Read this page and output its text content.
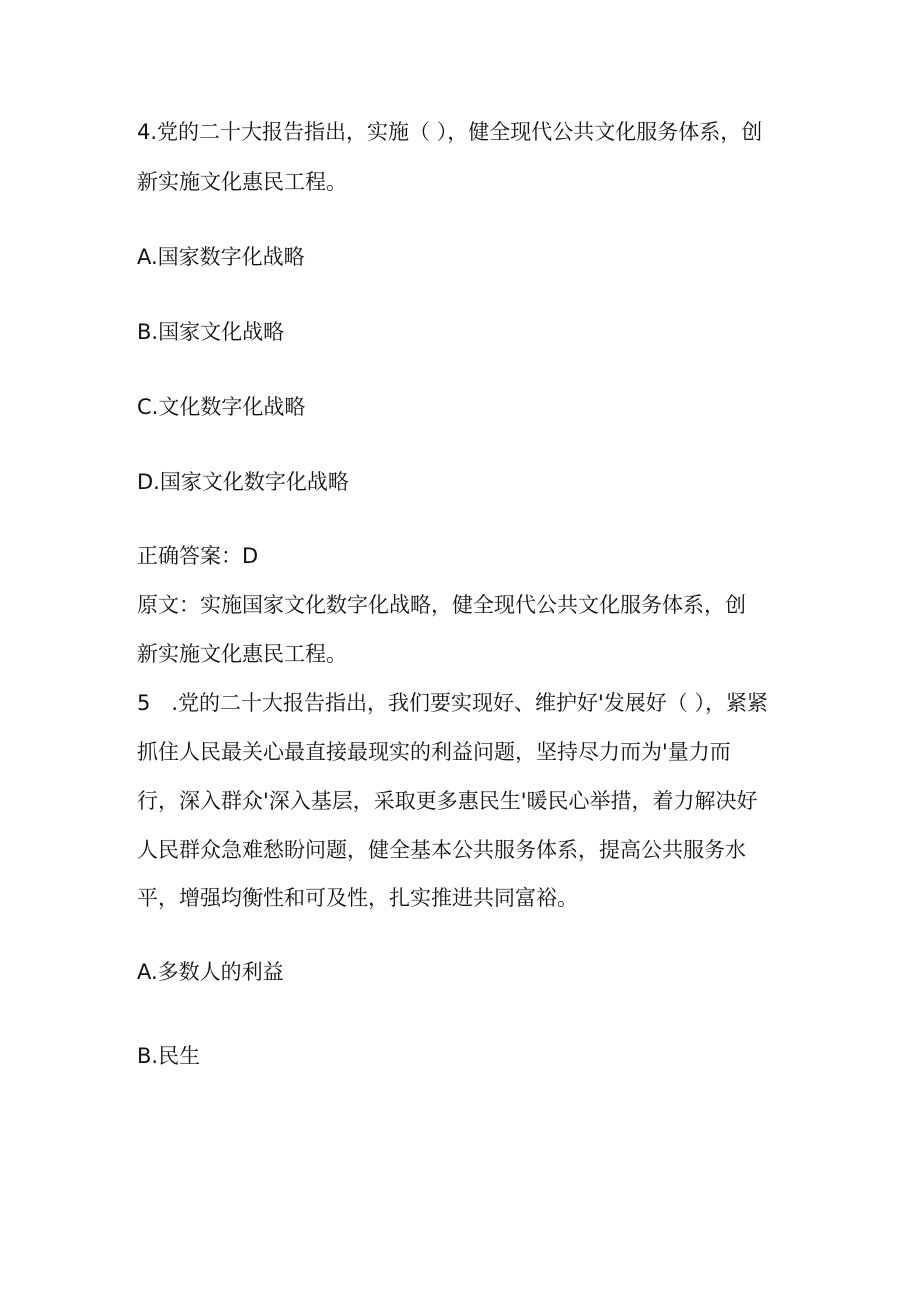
4.党的二十大报告指出，实施（ ），健全现代公共文化服务体系，创
新实施文化惠民工程。
A.国家数字化战略
B.国家文化战略
C.文化数字化战略
D.国家文化数字化战略
正确答案：D
原文：实施国家文化数字化战略，健全现代公共文化服务体系，创
新实施文化惠民工程。
5　.党的二十大报告指出，我们要实现好、维护好'发展好（ ），紧紧
抓住人民最关心最直接最现实的利益问题，坚持尽力而为'量力而
行，深入群众'深入基层，采取更多惠民生'暖民心举措，着力解决好
人民群众急难愁盼问题，健全基本公共服务体系，提高公共服务水
平，增强均衡性和可及性，扎实推进共同富裕。
A.多数人的利益
B.民生
